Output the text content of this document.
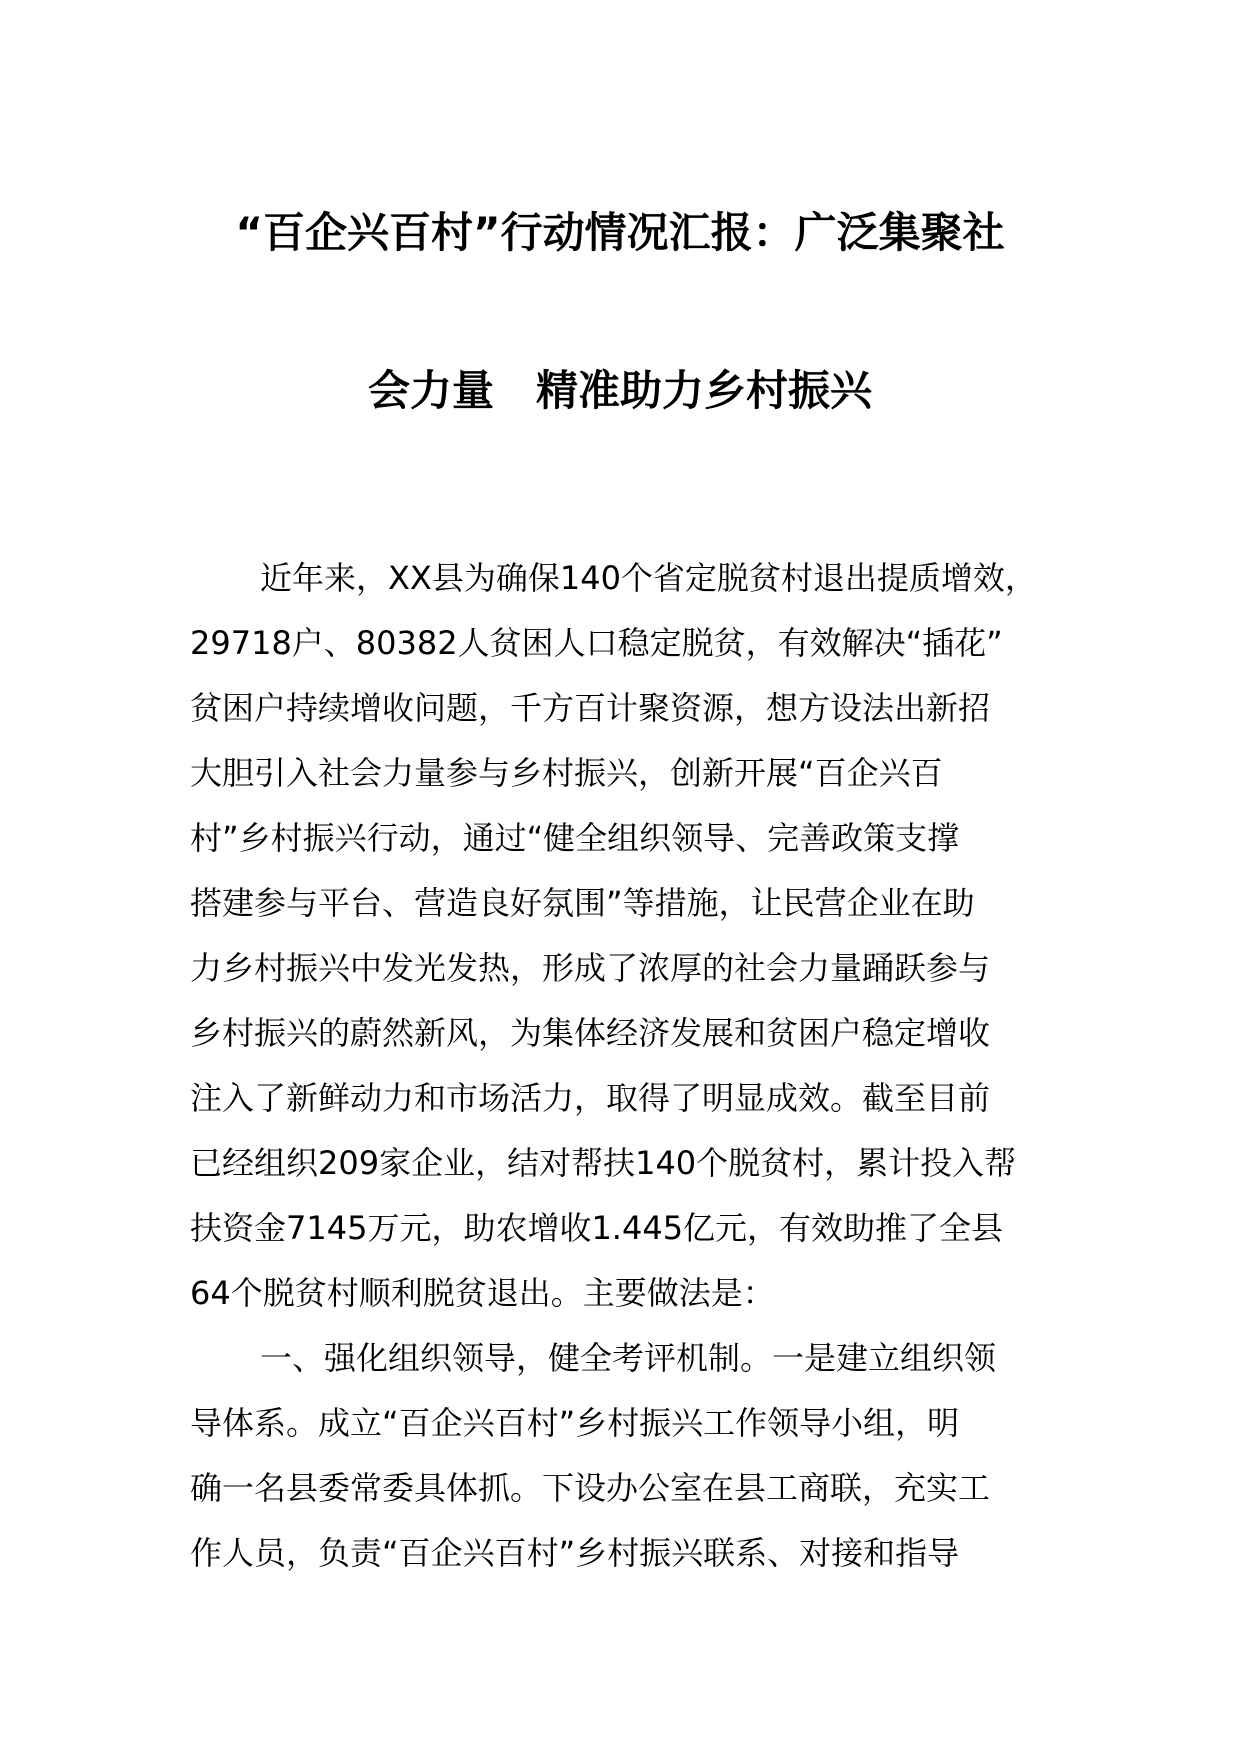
“百企兴百村”行动情况汇报：广泛集聚社
会力量　精准助力乡村振兴
近年来，XX县为确保140个省定脱贫村退出提质增效，
29718户、80382人贫困人口稳定脱贫，有效解决“插花”
贫困户持续增收问题，千方百计聚资源，想方设法出新招
大胆引入社会力量参与乡村振兴，创新开展“百企兴百
村”乡村振兴行动，通过“健全组织领导、完善政策支撑
搭建参与平台、营造良好氛围”等措施，让民营企业在助
力乡村振兴中发光发热，形成了浓厚的社会力量踊跃参与
乡村振兴的蔚然新风，为集体经济发展和贫困户稳定增收
注入了新鲜动力和市场活力，取得了明显成效。截至目前
已经组织209家企业，结对帮扶140个脱贫村，累计投入帮
扶资金7145万元，助农增收1.445亿元，有效助推了全县
64个脱贫村顺利脱贫退出。主要做法是：
一、强化组织领导，健全考评机制。一是建立组织领
导体系。成立“百企兴百村”乡村振兴工作领导小组，明
确一名县委常委具体抓。下设办公室在县工商联，充实工
作人员，负责“百企兴百村”乡村振兴联系、对接和指导
